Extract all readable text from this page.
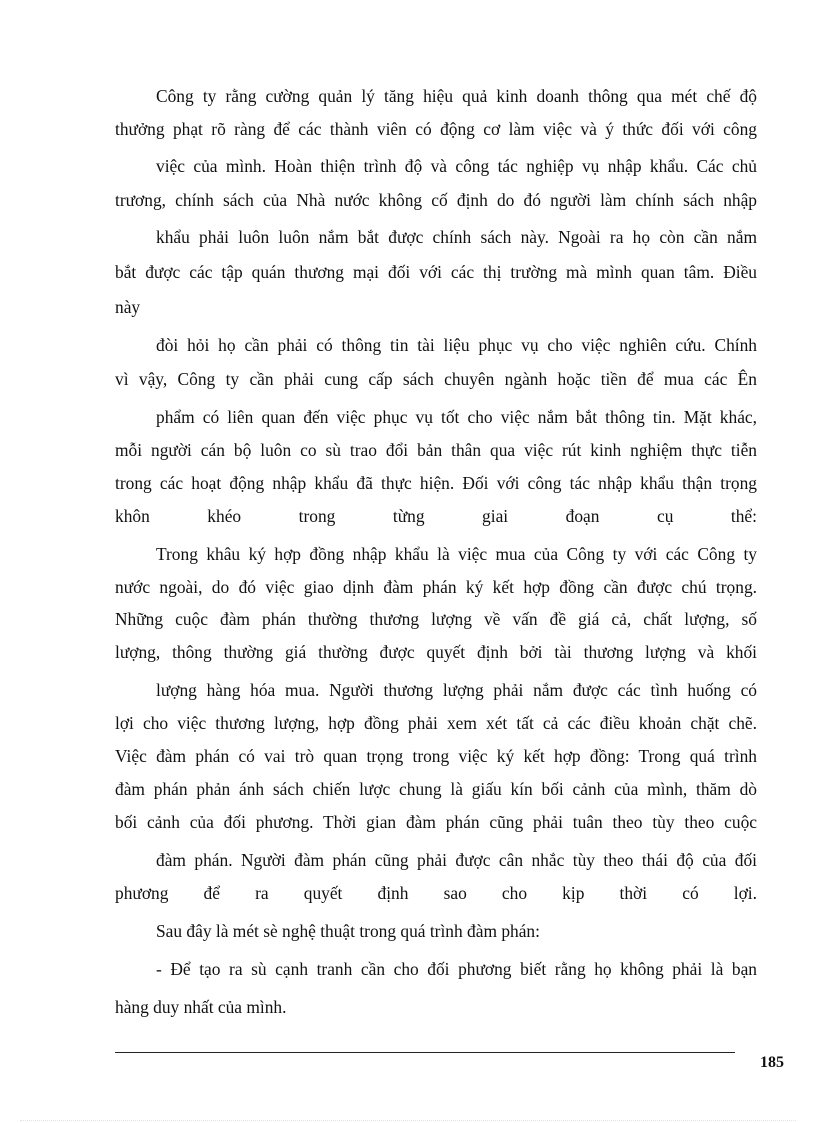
Công ty rằng cường quản lý tăng hiệu quả kinh doanh thông qua mét chế độ
thưởng phạt rõ ràng để các thành viên có động cơ làm việc và ý thức đối với công
việc của mình. Hoàn thiện trình độ và công tác nghiệp vụ nhập khẩu. Các chủ
trương, chính sách của Nhà nước không cố định do đó người làm chính sách nhập
khẩu phải luôn luôn nắm bắt được chính sách này. Ngoài ra họ còn cần nắm
bắt được các tập quán thương mại đối với các thị trường mà mình quan tâm. Điều
này
đòi hỏi họ cần phải có thông tin tài liệu phục vụ cho việc nghiên cứu. Chính
vì vậy, Công ty cần phải cung cấp sách chuyên ngành hoặc tiền để mua các Ên
phẩm có liên quan đến việc phục vụ tốt cho việc nắm bắt thông tin. Mặt khác,
mỗi người cán bộ luôn co sù trao đổi bản thân qua việc rút kinh nghiệm thực tiễn
trong các hoạt động nhập khẩu đã thực hiện. Đối với công tác nhập khẩu thận trọng
khôn khéo trong từng giai đoạn cụ thể:
Trong khâu ký hợp đồng nhập khẩu là việc mua của Công ty với các Công ty
nước ngoài, do đó việc giao dịnh đàm phán ký kết hợp đồng cần được chú trọng.
Những cuộc đàm phán thường thương lượng về vấn đề giá cả, chất lượng, số
lượng, thông thường giá thường được quyết định bởi tài thương lượng và khối
lượng hàng hóa mua. Người thương lượng phải nắm được các tình huống có
lợi cho việc thương lượng, hợp đồng phải xem xét tất cả các điều khoản chặt chẽ.
Việc đàm phán có vai trò quan trọng trong việc ký kết hợp đồng: Trong quá trình
đàm phán phản ánh sách chiến lược chung là giấu kín bối cảnh của mình, thăm dò
bối cảnh của đối phương. Thời gian đàm phán cũng phải tuân theo tùy theo cuộc
đàm phán. Người đàm phán cũng phải được cân nhắc tùy theo thái độ của đối
phương để ra quyết định sao cho kịp thời có lợi.
Sau đây là mét sè nghệ thuật trong quá trình đàm phán:
- Để tạo ra sù cạnh tranh cần cho đối phương biết rằng họ không phải là bạn
hàng duy nhất của mình.
185
